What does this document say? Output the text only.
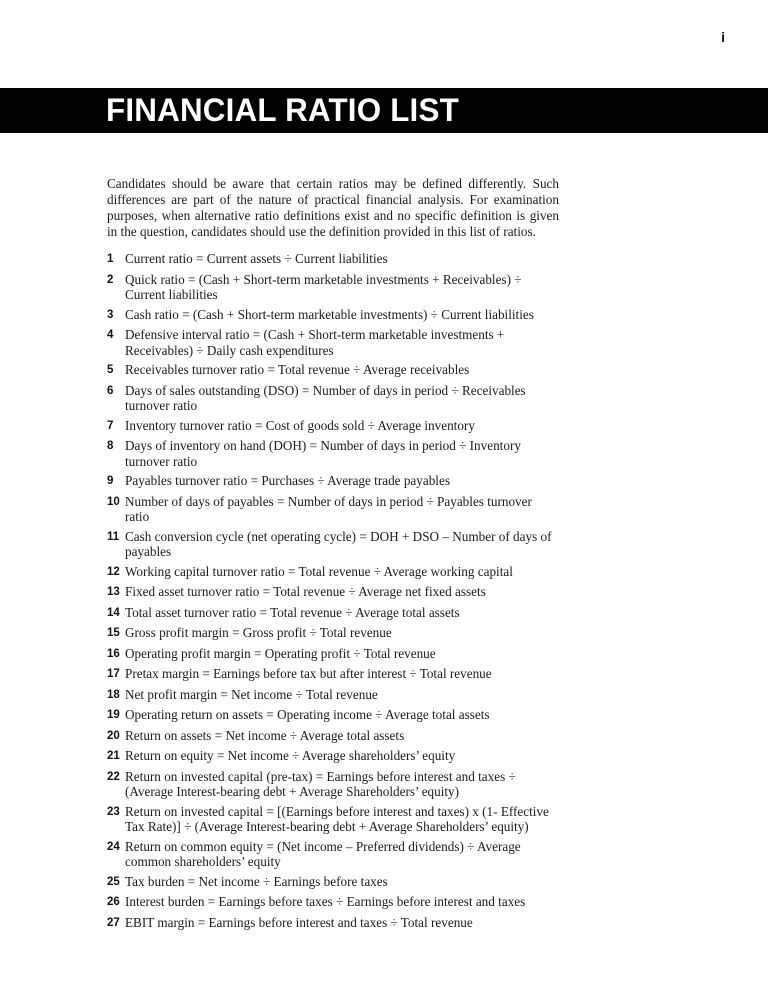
i
FINANCIAL RATIO LIST

Candidates should be aware that certain ratios may be defined differently. Such differences are part of the nature of practical financial analysis. For examination purposes, when alternative ratio definitions exist and no specific definition is given in the question, candidates should use the definition provided in this list of ratios.

1 Current ratio = Current assets ÷ Current liabilities
2 Quick ratio = (Cash + Short-term marketable investments + Receivables) ÷ Current liabilities
3 Cash ratio = (Cash + Short-term marketable investments) ÷ Current liabilities
4 Defensive interval ratio = (Cash + Short-term marketable investments + Receivables) ÷ Daily cash expenditures
5 Receivables turnover ratio = Total revenue ÷ Average receivables
6 Days of sales outstanding (DSO) = Number of days in period ÷ Receivables turnover ratio
7 Inventory turnover ratio = Cost of goods sold ÷ Average inventory
8 Days of inventory on hand (DOH) = Number of days in period ÷ Inventory turnover ratio
9 Payables turnover ratio = Purchases ÷ Average trade payables
10 Number of days of payables = Number of days in period ÷ Payables turnover ratio
11 Cash conversion cycle (net operating cycle) = DOH + DSO – Number of days of payables
12 Working capital turnover ratio = Total revenue ÷ Average working capital
13 Fixed asset turnover ratio = Total revenue ÷ Average net fixed assets
14 Total asset turnover ratio = Total revenue ÷ Average total assets
15 Gross profit margin = Gross profit ÷ Total revenue
16 Operating profit margin = Operating profit ÷ Total revenue
17 Pretax margin = Earnings before tax but after interest ÷ Total revenue
18 Net profit margin = Net income ÷ Total revenue
19 Operating return on assets = Operating income ÷ Average total assets
20 Return on assets = Net income ÷ Average total assets
21 Return on equity = Net income ÷ Average shareholders’ equity
22 Return on invested capital (pre-tax) = Earnings before interest and taxes ÷ (Average Interest-bearing debt + Average Shareholders’ equity)
23 Return on invested capital = [(Earnings before interest and taxes) x (1- Effective Tax Rate)] ÷ (Average Interest-bearing debt + Average Shareholders’ equity)
24 Return on common equity = (Net income – Preferred dividends) ÷ Average common shareholders’ equity
25 Tax burden = Net income ÷ Earnings before taxes
26 Interest burden = Earnings before taxes ÷ Earnings before interest and taxes
27 EBIT margin = Earnings before interest and taxes ÷ Total revenue
